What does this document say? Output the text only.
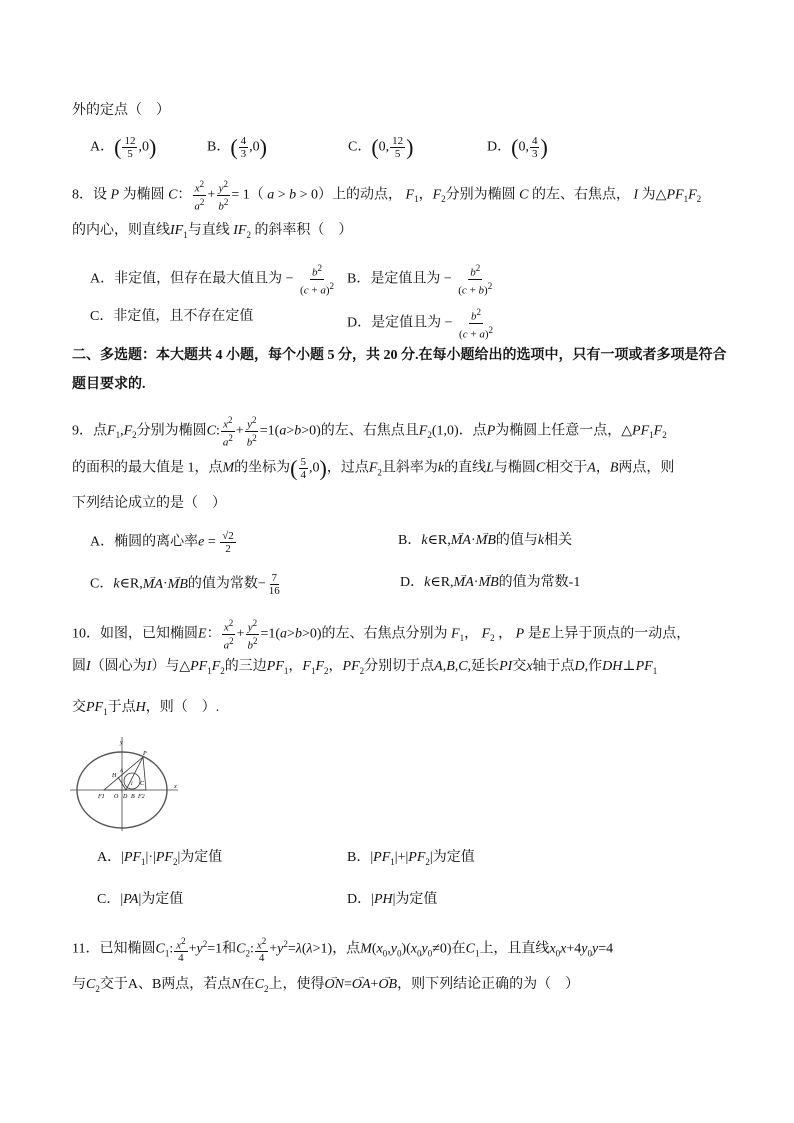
外的定点（　）
A．( $\frac{12}{5} ,0$)	B．( $\frac{4}{3} ,0$)	C．(0, $\frac{12}{5}$ )	D．(0, $\frac{4}{3}$ )
8．设 P 为椭圆 C： $\frac{x^2}{a^2} + \frac{y^2}{b^2} = 1$（ a > b > 0）上的动点， $F_1$，$F_2$分别为椭圆 C 的左、右焦点， I 为$\triangle PF_1F_2$
的内心，则直线$IF_1$与直线 $IF_2$ 的斜率积（　）
A．非定值，但存在最大值且为 − $\frac{b^2}{(c + a)^2}$ B．是定值且为 − $\frac{b^2}{(c + b)^2}$
C．非定值，且不存在定值	D．是定值且为 − $\frac{b^2}{(c + a)^2}$
二、多选题：本大题共 4 小题，每个小题 5 分，共 20 分.在每小题给出的选项中，只有一项或者多项是符合
题目要求的.
9．点$F_1,F_2$分别为椭圆C: $\frac{x^2}{a^2} + \frac{y^2}{b^2} =1(a>b>0)$的左、右焦点且$F_2(1,0)$．点P为椭圆上任意一点，$\triangle PF_1F_2$
的面积的最大值是 1，点M的坐标为( $\frac{5}{4} ,0$)，过点$F_2$且斜率为k的直线L与椭圆C相交于A，B两点，则
下列结论成立的是（　）
A．椭圆的离心率$e = \frac{√2}{2}$	B．k∈R,→ MA·→ MB的值与k相关
C．k∈R,→ MA·→ MB的值为常数− $\frac{7}{16}$	D．k∈R,→ MA·→ MB的值为常数-1
10．如图，已知椭圆E： $\frac{x^2}{a^2} + \frac{y^2}{b^2} =1(a>b>0)$的左、右焦点分别为 $F_1$， $F_2$ ， P 是E上异于顶点的一动点，
圆I（圆心为I）与$\triangle PF_1F_2$的三边$PF_1$，$F_1F_2$，$PF_2$分别切于点A,B,C,延长PI交x轴于点D,作$DH\perp PF_1$
交$PF_1$于点H，则（　）.
y
P
H
A
I C
F1 O D B F2
x
A．$|PF_1|\cdot|PF_2|$为定值	B．$|PF_1|+|PF_2|$为定值
C．|PA|为定值	D．|PH|为定值
11．已知椭圆$C_1$: $\frac{x^2}{4} +y^2=1$和$C_2$: $\frac{x^2}{4} +y^2=\lambda(\lambda>1)$，点$M(x_0,y_0)(x_0y_0\ne 0)$在$C_1$上，且直线$x_0x+4y_0y=4$
与$C_2$交于A、B两点，若点N在$C_2$上，使得→ ON=→ OA+→ OB，则下列结论正确的为（　）
